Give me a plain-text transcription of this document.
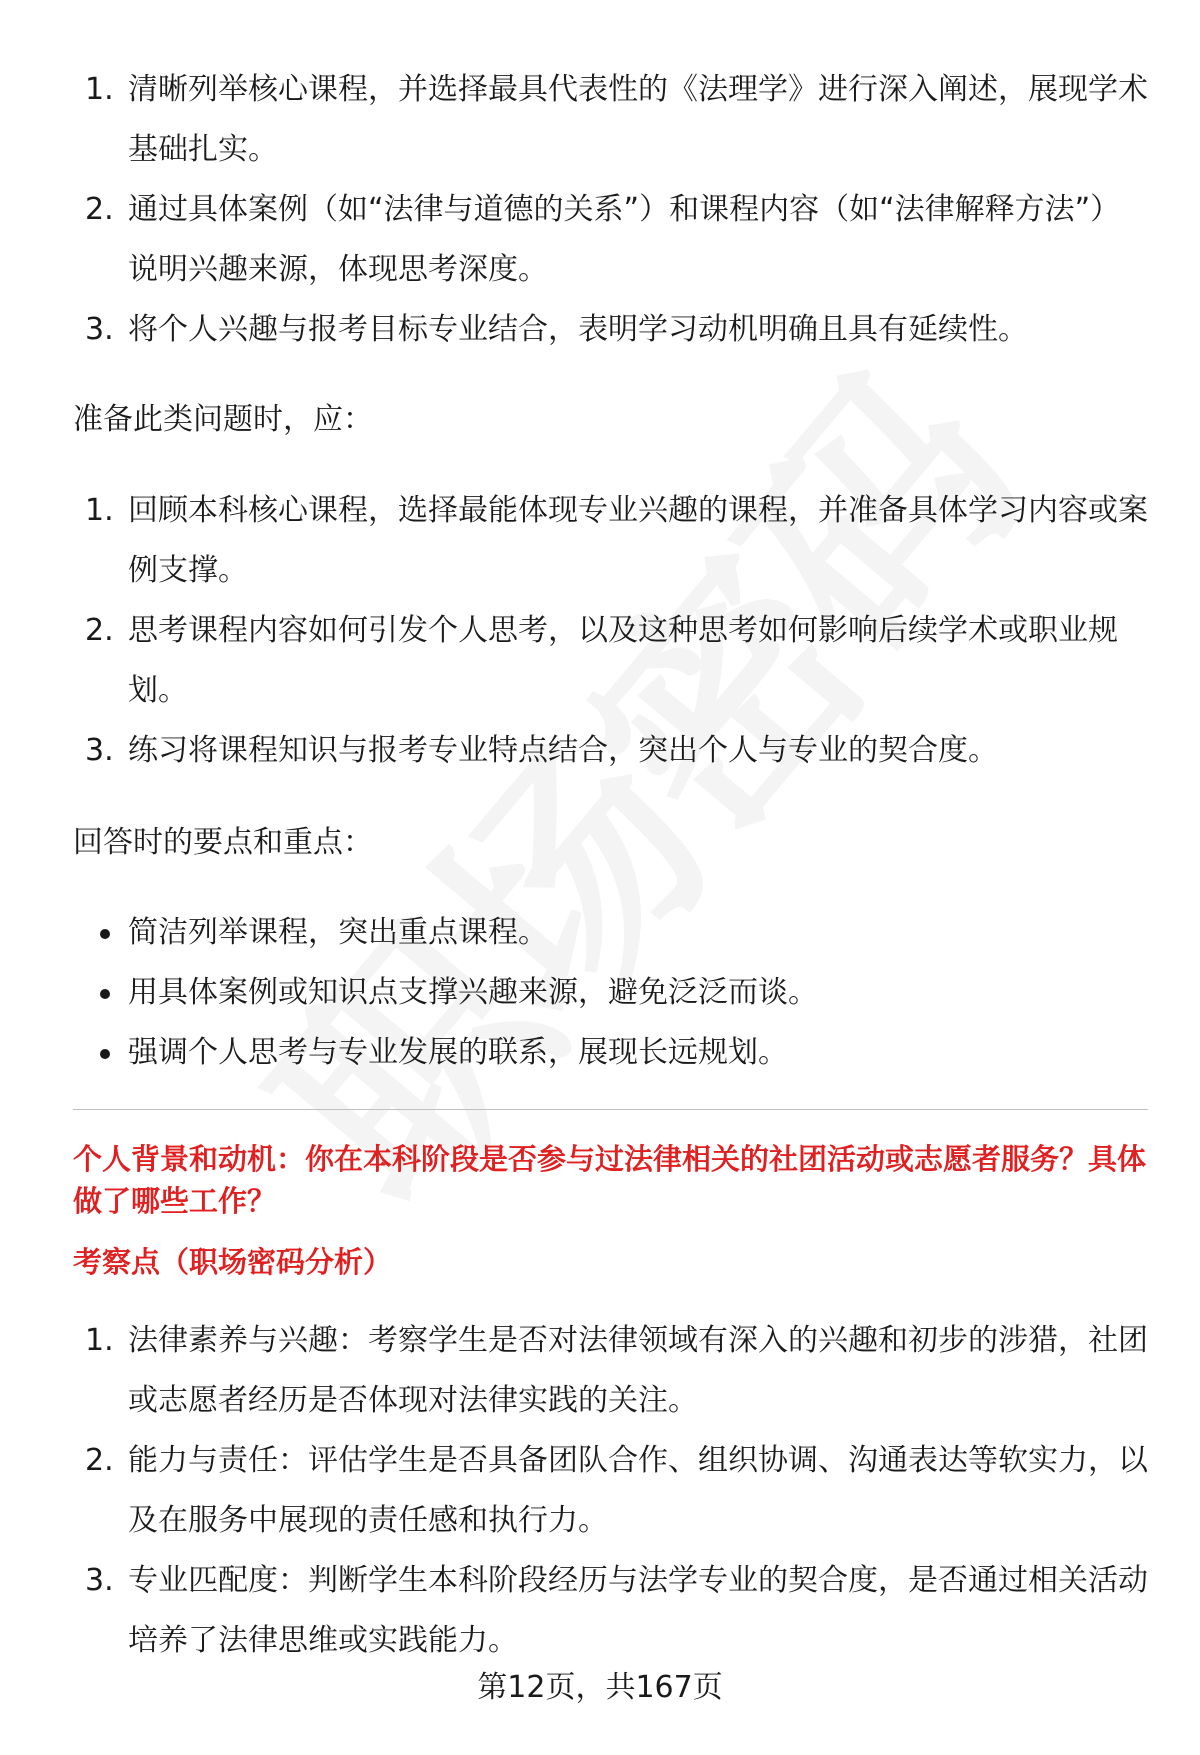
1. 清晰列举核心课程，并选择最具代表性的《法理学》进行深入阐述，展现学术基础扎实。
2. 通过具体案例（如“法律与道德的关系”）和课程内容（如“法律解释方法”）说明兴趣来源，体现思考深度。
3. 将个人兴趣与报考目标专业结合，表明学习动机明确且具有延续性。

准备此类问题时，应：

1. 回顾本科核心课程，选择最能体现专业兴趣的课程，并准备具体学习内容或案例支撑。
2. 思考课程内容如何引发个人思考，以及这种思考如何影响后续学术或职业规划。
3. 练习将课程知识与报考专业特点结合，突出个人与专业的契合度。

回答时的要点和重点：

简洁列举课程，突出重点课程。
用具体案例或知识点支撑兴趣来源，避免泛泛而谈。
强调个人思考与专业发展的联系，展现长远规划。

个人背景和动机：你在本科阶段是否参与过法律相关的社团活动或志愿者服务？具体做了哪些工作？

考察点（职场密码分析）

1. 法律素养与兴趣：考察学生是否对法律领域有深入的兴趣和初步的涉猎，社团或志愿者经历是否体现对法律实践的关注。
2. 能力与责任：评估学生是否具备团队合作、组织协调、沟通表达等软实力，以及在服务中展现的责任感和执行力。
3. 专业匹配度：判断学生本科阶段经历与法学专业的契合度，是否通过相关活动培养了法律思维或实践能力。
第12页，共167页
